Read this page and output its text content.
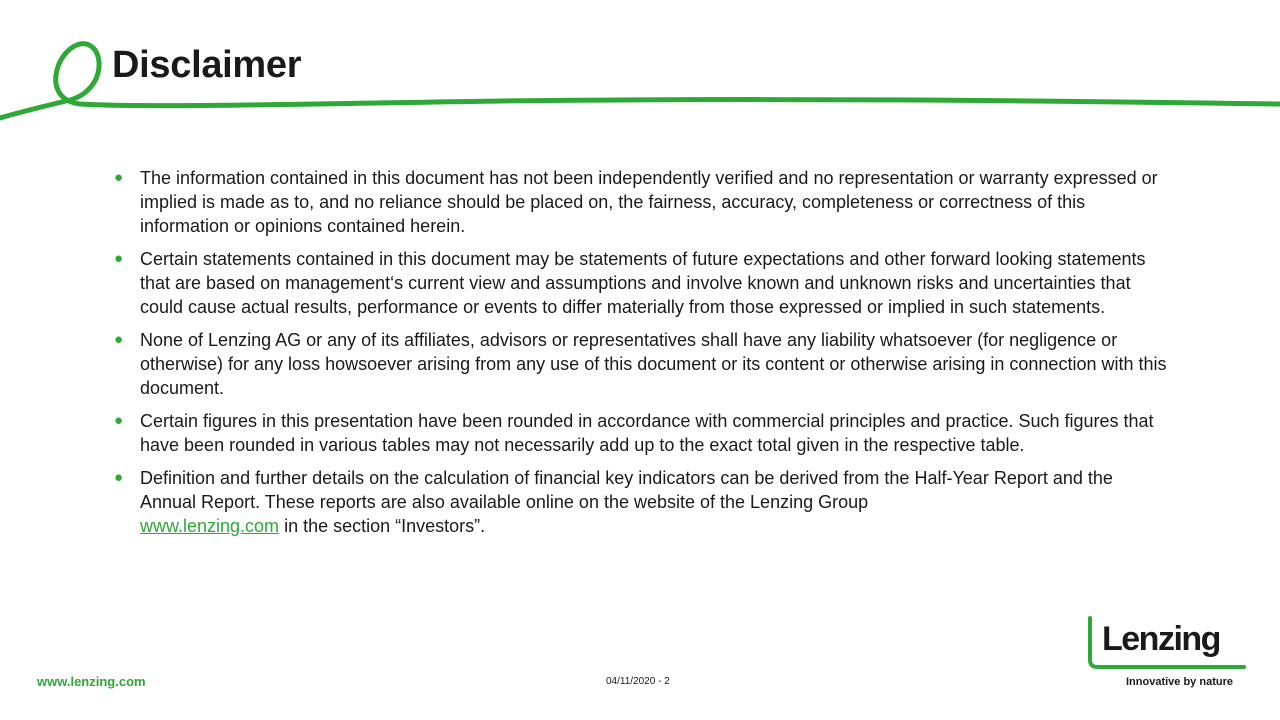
Disclaimer
● The information contained in this document has not been independently verified and no representation or warranty expressed or implied is made as to, and no reliance should be placed on, the fairness, accuracy, completeness or correctness of this information or opinions contained herein.
● Certain statements contained in this document may be statements of future expectations and other forward looking statements that are based on management‘s current view and assumptions and involve known and unknown risks and uncertainties that could cause actual results, performance or events to differ materially from those expressed or implied in such statements.
● None of Lenzing AG or any of its affiliates, advisors or representatives shall have any liability whatsoever (for negligence or otherwise) for any loss howsoever arising from any use of this document or its content or otherwise arising in connection with this document.
● Certain figures in this presentation have been rounded in accordance with commercial principles and practice. Such figures that have been rounded in various tables may not necessarily add up to the exact total given in the respective table.
● Definition and further details on the calculation of financial key indicators can be derived from the Half-Year Report and the Annual Report. These reports are also available online on the website of the Lenzing Group
www.lenzing.com in the section “Investors”.
www.lenzing.com	04/11/2020 - 2
Lenzing
Innovative by nature
